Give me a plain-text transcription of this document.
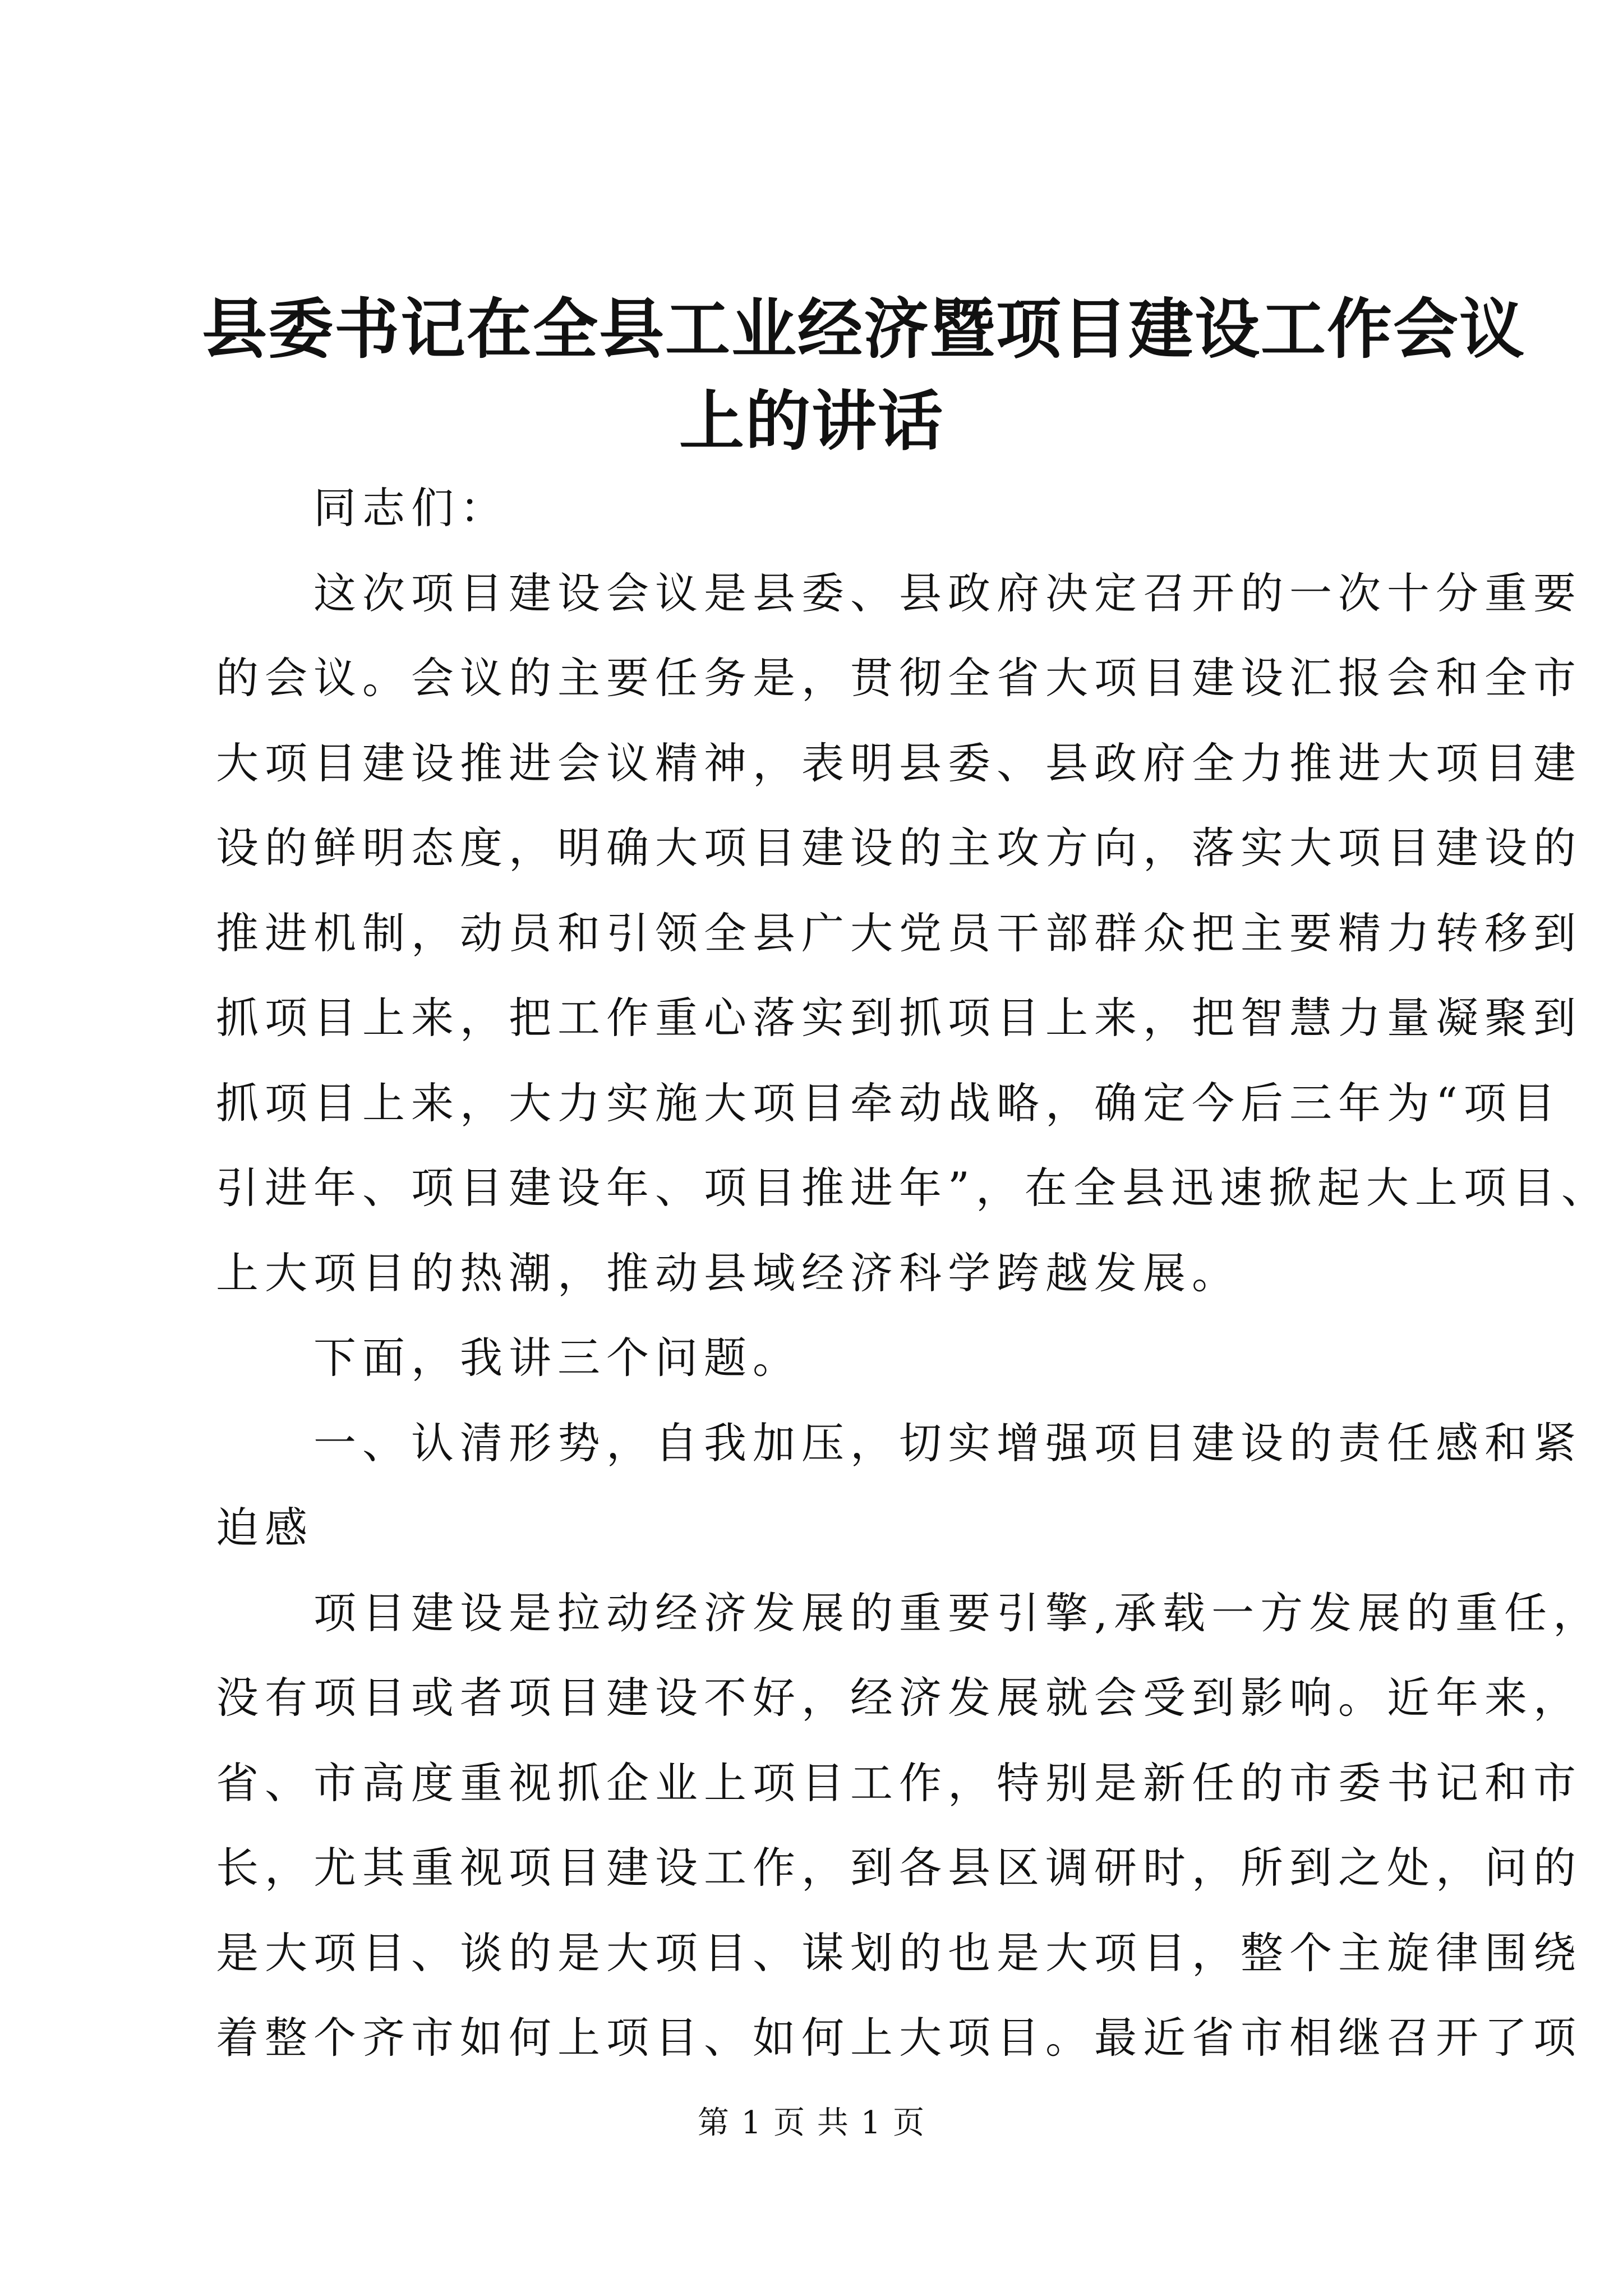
县委书记在全县工业经济暨项目建设工作会议
上的讲话

同志们：

这次项目建设会议是县委、县政府决定召开的一次十分重要
的会议。会议的主要任务是，贯彻全省大项目建设汇报会和全市
大项目建设推进会议精神，表明县委、县政府全力推进大项目建
设的鲜明态度，明确大项目建设的主攻方向，落实大项目建设的
推进机制，动员和引领全县广大党员干部群众把主要精力转移到
抓项目上来，把工作重心落实到抓项目上来，把智慧力量凝聚到
抓项目上来，大力实施大项目牵动战略，确定今后三年为“项目
引进年、项目建设年、项目推进年”，在全县迅速掀起大上项目、
上大项目的热潮，推动县域经济科学跨越发展。

下面，我讲三个问题。

一、认清形势，自我加压，切实增强项目建设的责任感和紧
迫感

项目建设是拉动经济发展的重要引擎,承载一方发展的重任，
没有项目或者项目建设不好，经济发展就会受到影响。近年来，
省、市高度重视抓企业上项目工作，特别是新任的市委书记和市
长，尤其重视项目建设工作，到各县区调研时，所到之处，问的
是大项目、谈的是大项目、谋划的也是大项目，整个主旋律围绕
着整个齐市如何上项目、如何上大项目。最近省市相继召开了项

第 1 页 共 1 页
